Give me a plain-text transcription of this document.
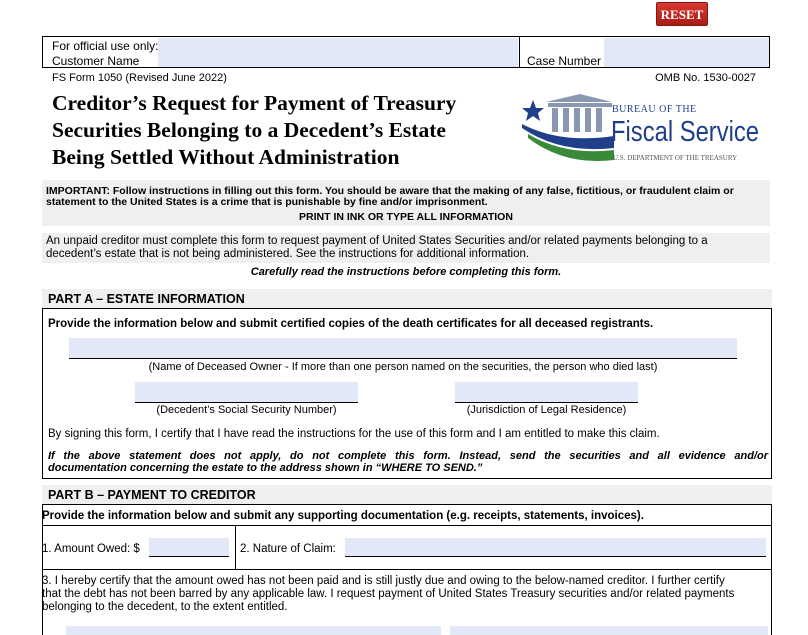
RESET
For official use only:
Customer Name	Case Number
FS Form 1050 (Revised June 2022)	OMB No. 1530-0027
Creditor’s Request for Payment of Treasury
Securities Belonging to a Decedent’s Estate
Being Settled Without Administration
BUREAU OF THE
Fiscal Service
U.S. DEPARTMENT OF THE TREASURY
IMPORTANT: Follow instructions in filling out this form. You should be aware that the making of any false, fictitious, or fraudulent claim or
statement to the United States is a crime that is punishable by fine and/or imprisonment.
PRINT IN INK OR TYPE ALL INFORMATION
An unpaid creditor must complete this form to request payment of United States Securities and/or related payments belonging to a
decedent’s estate that is not being administered. See the instructions for additional information.
Carefully read the instructions before completing this form.
PART A – ESTATE INFORMATION
Provide the information below and submit certified copies of the death certificates for all deceased registrants.
(Name of Deceased Owner - If more than one person named on the securities, the person who died last)
(Decedent’s Social Security Number)	(Jurisdiction of Legal Residence)
By signing this form, I certify that I have read the instructions for the use of this form and I am entitled to make this claim.
If the above statement does not apply, do not complete this form. Instead, send the securities and all evidence and/or
documentation concerning the estate to the address shown in “WHERE TO SEND.”
PART B – PAYMENT TO CREDITOR
Provide the information below and submit any supporting documentation (e.g. receipts, statements, invoices).
1. Amount Owed: $	2. Nature of Claim:
3. I hereby certify that the amount owed has not been paid and is still justly due and owing to the below-named creditor. I further certify
that the debt has not been barred by any applicable law. I request payment of United States Treasury securities and/or related payments
belonging to the decedent, to the extent entitled.
